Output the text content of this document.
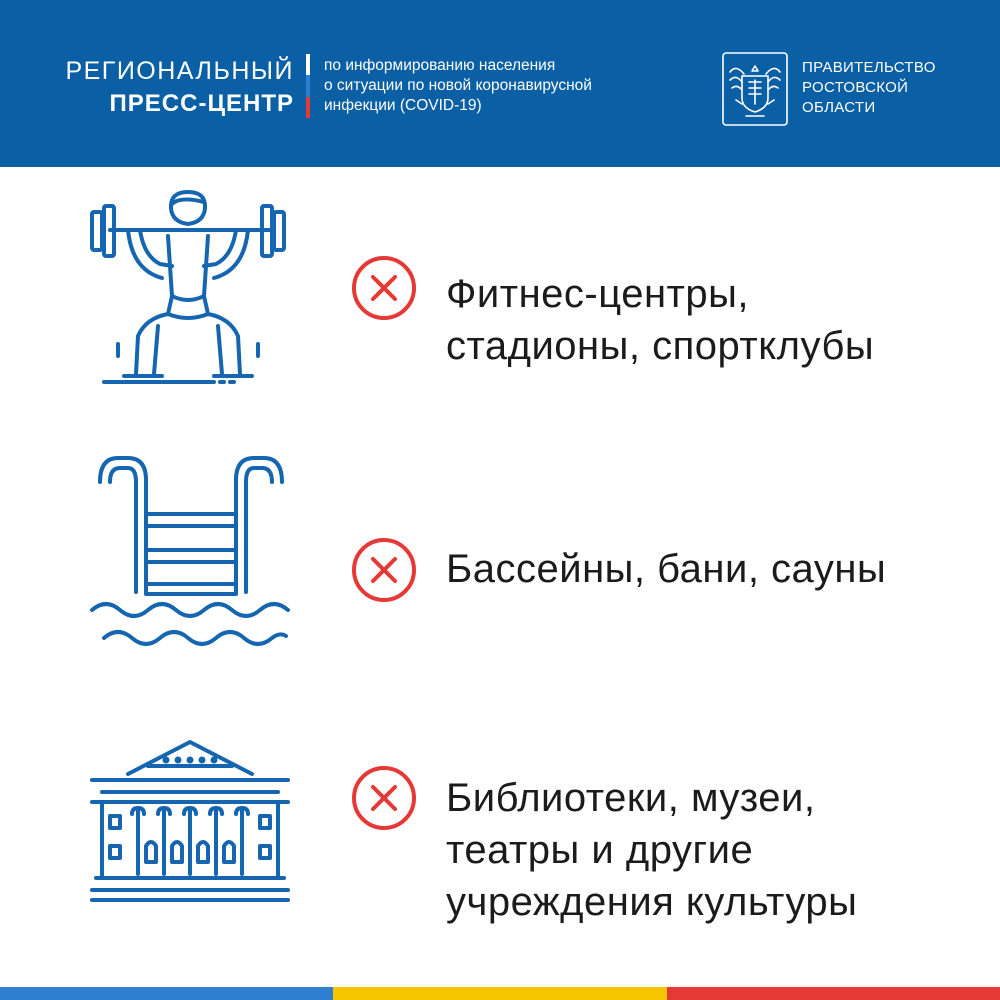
РЕГИОНАЛЬНЫЙ
ПРЕСС-ЦЕНТР
по информированию населения
о ситуации по новой коронавирусной
инфекции (COVID-19)
ПРАВИТЕЛЬСТВО
РОСТОВСКОЙ
ОБЛАСТИ
Фитнес-центры,
стадионы, спортклубы
Бассейны, бани, сауны
Библиотеки, музеи,
театры и другие
учреждения культуры
